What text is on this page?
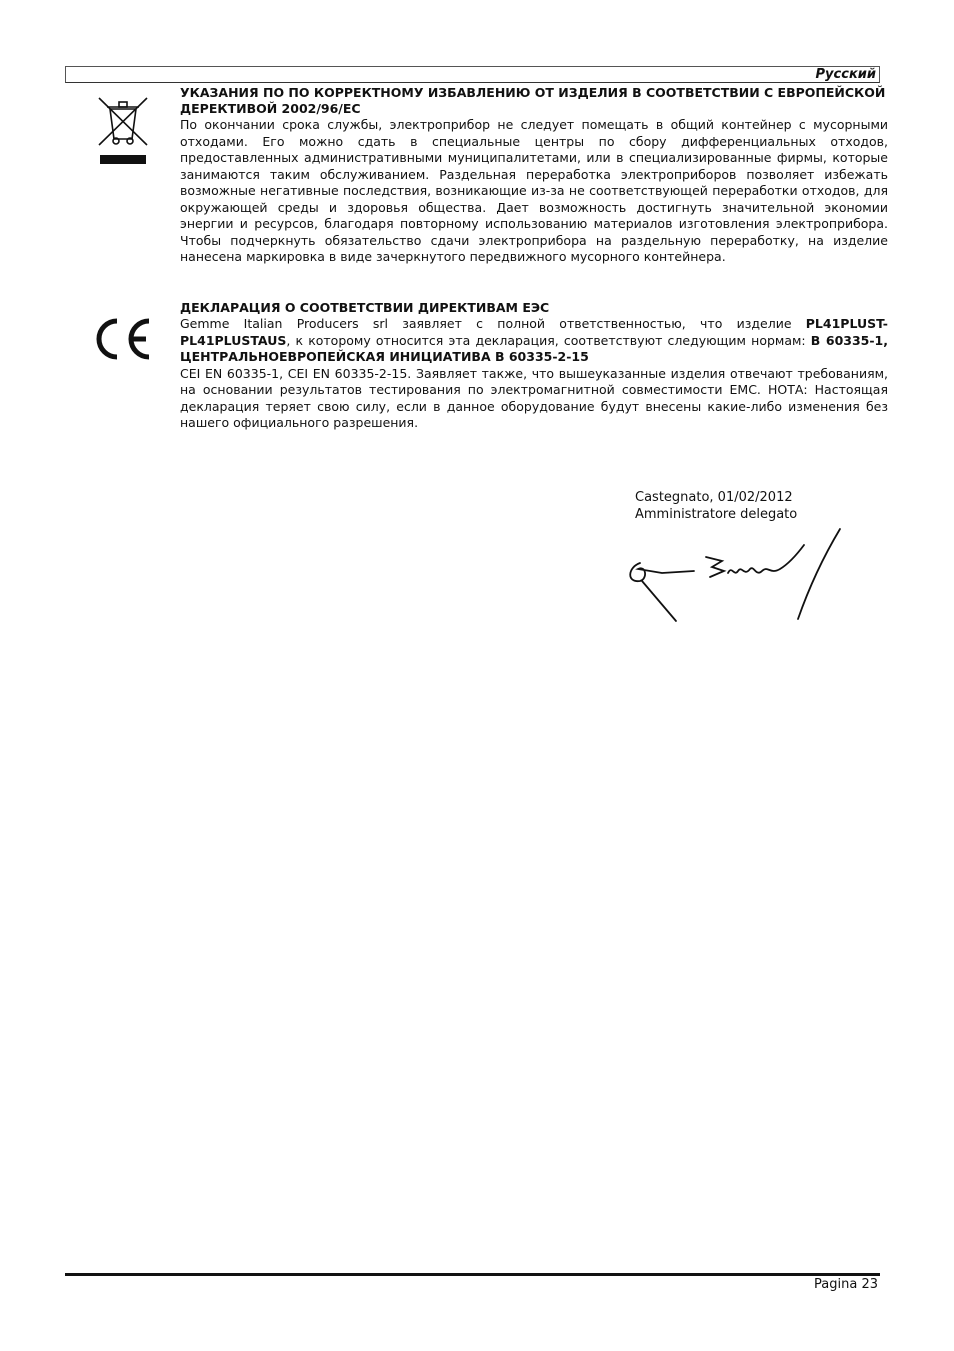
Русский
УКАЗАНИЯ ПО ПО КОРРЕКТНОМУ ИЗБАВЛЕНИЮ ОТ ИЗДЕЛИЯ В СООТВЕТСТВИИ С ЕВРОПЕЙСКОЙ ДЕРЕКТИВОЙ 2002/96/ЕС

По окончании срока службы, электроприбор не следует помещать в общий контейнер с мусорными отходами. Его можно сдать в специальные центры по сбору дифференциальных отходов, предоставленных административными муниципалитетами, или в специализированные фирмы, которые занимаются таким обслуживанием. Раздельная переработка электроприборов позволяет избежать возможные негативные последствия, возникающие из-за не соответствующей переработки отходов, для окружающей среды и здоровья общества. Дает возможность достигнуть значительной экономии энергии и ресурсов, благодаря повторному использованию материалов изготовления электроприбора. Чтобы подчеркнуть обязательство сдачи электроприбора на раздельную переработку, на изделие нанесена маркировка в виде зачеркнутого передвижного мусорного контейнера.

ДЕКЛАРАЦИЯ О СООТВЕТСТВИИ ДИРЕКТИВАМ ЕЭС

Gemme Italian Producers srl заявляет с полной ответственностью, что изделие PL41PLUST-PL41PLUSTAUS, к которому относится эта декларация, соответствуют следующим нормам: В 60335-1, ЦЕНТРАЛЬНОЕВРОПЕЙСКАЯ ИНИЦИАТИВА В 60335-2-15

CEI EN 60335-1, CEI EN 60335-2-15. Заявляет также, что вышеуказанные изделия отвечают требованиям, на основании результатов тестирования по электромагнитной совместимости EMC. НОТА: Настоящая декларация теряет свою силу, если в данное оборудование будут внесены какие-либо изменения без нашего официального разрешения.

Castegnato, 01/02/2012
Amministratore delegato
Pagina 23
